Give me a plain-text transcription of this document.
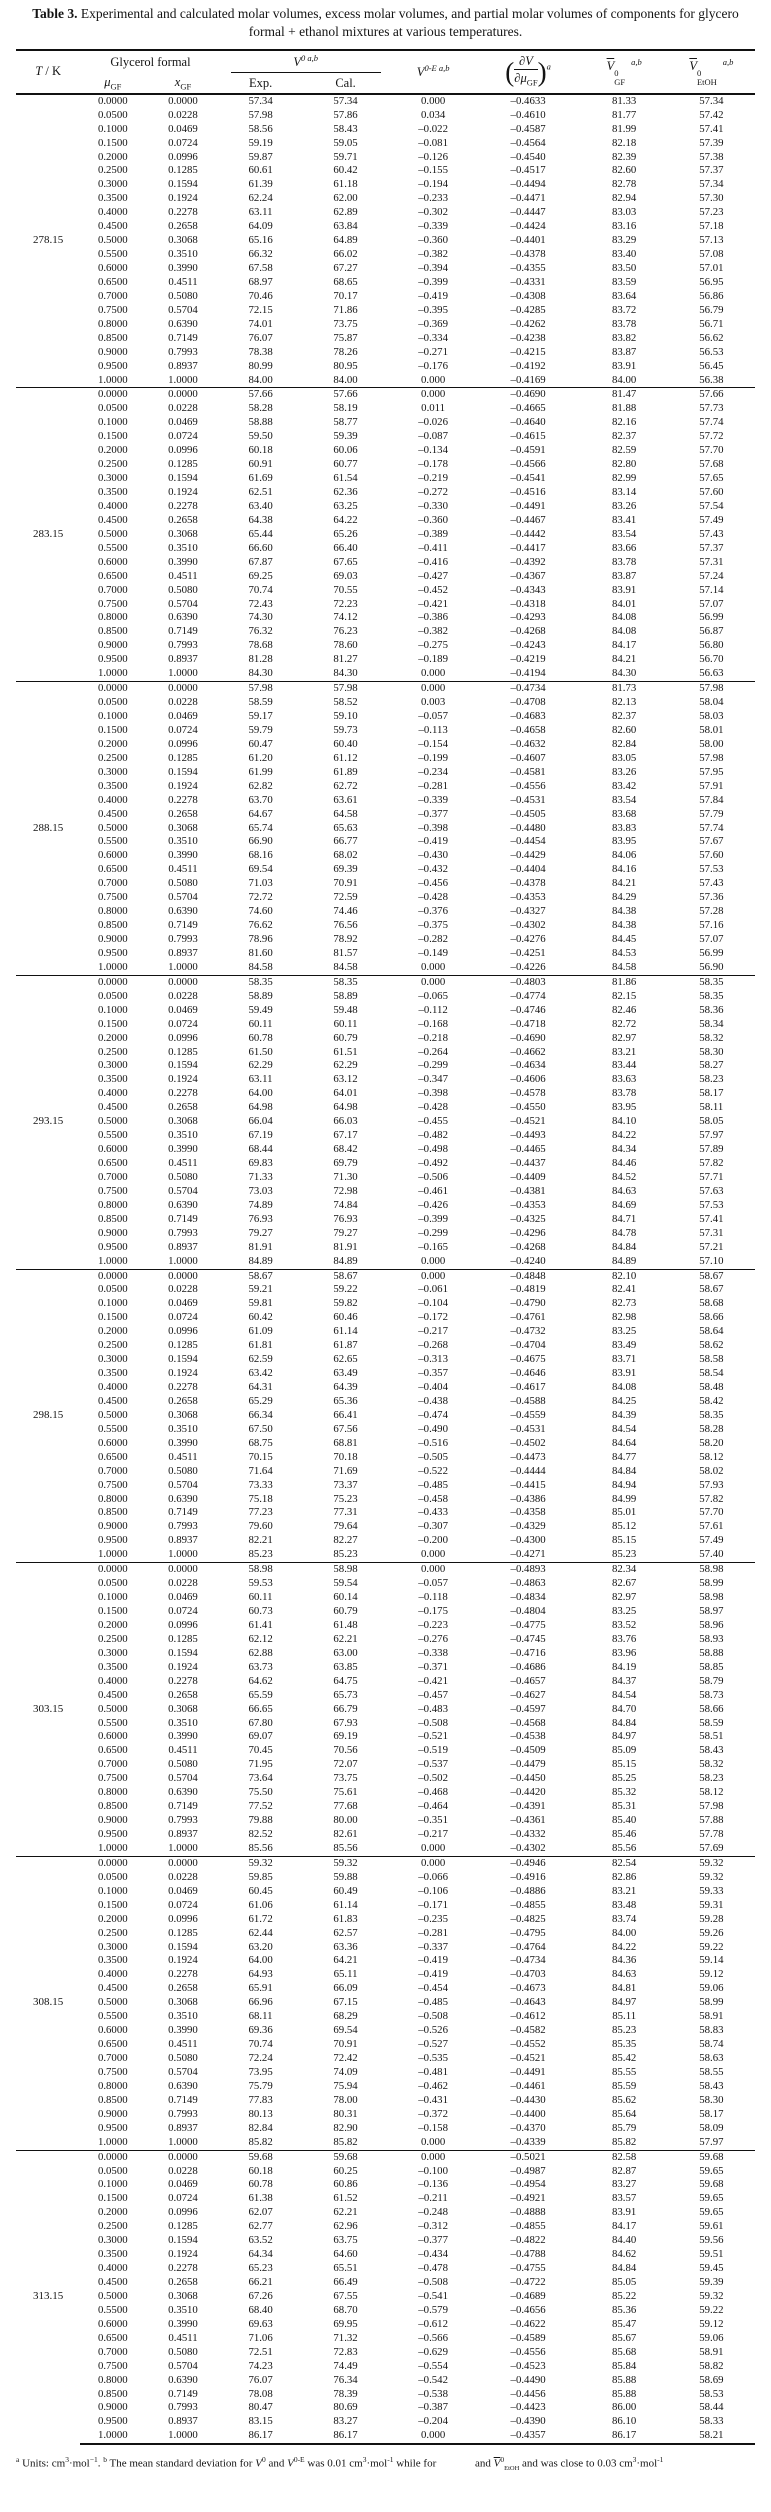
Table 3. Experimental and calculated molar volumes, excess molar volumes, and partial molar volumes of components for glycero formal + ethanol mixtures at various temperatures.
T / K	Glycerol formal		$V^{0 a,b}$		$V^{0-E a,b}$	( $\frac{\partial V}{\partial\mu_{GF}} )^a$	$\overline{V}$ 0
GF
$^{a,b}$	$\overline{V}$ 0
EtOH
$^{a,b}$
	$\mu_{GF}$	$x_{GF}$	Exp.	Cal.				
278.15	0.0000	0.0000	57.34	57.34	0.000	–0.4633	81.33	57.34
	0.0500	0.0228	57.98	57.86	0.034	–0.4610	81.77	57.42
	0.1000	0.0469	58.56	58.43	–0.022	–0.4587	81.99	57.41
	0.1500	0.0724	59.19	59.05	–0.081	–0.4564	82.18	57.39
	0.2000	0.0996	59.87	59.71	–0.126	–0.4540	82.39	57.38
	0.2500	0.1285	60.61	60.42	–0.155	–0.4517	82.60	57.37
	0.3000	0.1594	61.39	61.18	–0.194	–0.4494	82.78	57.34
	0.3500	0.1924	62.24	62.00	–0.233	–0.4471	82.94	57.30
	0.4000	0.2278	63.11	62.89	–0.302	–0.4447	83.03	57.23
	0.4500	0.2658	64.09	63.84	–0.339	–0.4424	83.16	57.18
	0.5000	0.3068	65.16	64.89	–0.360	–0.4401	83.29	57.13
	0.5500	0.3510	66.32	66.02	–0.382	–0.4378	83.40	57.08
	0.6000	0.3990	67.58	67.27	–0.394	–0.4355	83.50	57.01
	0.6500	0.4511	68.97	68.65	–0.399	–0.4331	83.59	56.95
	0.7000	0.5080	70.46	70.17	–0.419	–0.4308	83.64	56.86
	0.7500	0.5704	72.15	71.86	–0.395	–0.4285	83.72	56.79
	0.8000	0.6390	74.01	73.75	–0.369	–0.4262	83.78	56.71
	0.8500	0.7149	76.07	75.87	–0.334	–0.4238	83.82	56.62
	0.9000	0.7993	78.38	78.26	–0.271	–0.4215	83.87	56.53
	0.9500	0.8937	80.99	80.95	–0.176	–0.4192	83.91	56.45
	1.0000	1.0000	84.00	84.00	0.000	–0.4169	84.00	56.38
283.15	0.0000	0.0000	57.66	57.66	0.000	–0.4690	81.47	57.66
	0.0500	0.0228	58.28	58.19	0.011	–0.4665	81.88	57.73
	0.1000	0.0469	58.88	58.77	–0.026	–0.4640	82.16	57.74
	0.1500	0.0724	59.50	59.39	–0.087	–0.4615	82.37	57.72
	0.2000	0.0996	60.18	60.06	–0.134	–0.4591	82.59	57.70
	0.2500	0.1285	60.91	60.77	–0.178	–0.4566	82.80	57.68
	0.3000	0.1594	61.69	61.54	–0.219	–0.4541	82.99	57.65
	0.3500	0.1924	62.51	62.36	–0.272	–0.4516	83.14	57.60
	0.4000	0.2278	63.40	63.25	–0.330	–0.4491	83.26	57.54
	0.4500	0.2658	64.38	64.22	–0.360	–0.4467	83.41	57.49
	0.5000	0.3068	65.44	65.26	–0.389	–0.4442	83.54	57.43
	0.5500	0.3510	66.60	66.40	–0.411	–0.4417	83.66	57.37
	0.6000	0.3990	67.87	67.65	–0.416	–0.4392	83.78	57.31
	0.6500	0.4511	69.25	69.03	–0.427	–0.4367	83.87	57.24
	0.7000	0.5080	70.74	70.55	–0.452	–0.4343	83.91	57.14
	0.7500	0.5704	72.43	72.23	–0.421	–0.4318	84.01	57.07
	0.8000	0.6390	74.30	74.12	–0.386	–0.4293	84.08	56.99
	0.8500	0.7149	76.32	76.23	–0.382	–0.4268	84.08	56.87
	0.9000	0.7993	78.68	78.60	–0.275	–0.4243	84.17	56.80
	0.9500	0.8937	81.28	81.27	–0.189	–0.4219	84.21	56.70
	1.0000	1.0000	84.30	84.30	0.000	–0.4194	84.30	56.63
288.15	0.0000	0.0000	57.98	57.98	0.000	–0.4734	81.73	57.98
	0.0500	0.0228	58.59	58.52	0.003	–0.4708	82.13	58.04
	0.1000	0.0469	59.17	59.10	–0.057	–0.4683	82.37	58.03
	0.1500	0.0724	59.79	59.73	–0.113	–0.4658	82.60	58.01
	0.2000	0.0996	60.47	60.40	–0.154	–0.4632	82.84	58.00
	0.2500	0.1285	61.20	61.12	–0.199	–0.4607	83.05	57.98
	0.3000	0.1594	61.99	61.89	–0.234	–0.4581	83.26	57.95
	0.3500	0.1924	62.82	62.72	–0.281	–0.4556	83.42	57.91
	0.4000	0.2278	63.70	63.61	–0.339	–0.4531	83.54	57.84
	0.4500	0.2658	64.67	64.58	–0.377	–0.4505	83.68	57.79
	0.5000	0.3068	65.74	65.63	–0.398	–0.4480	83.83	57.74
	0.5500	0.3510	66.90	66.77	–0.419	–0.4454	83.95	57.67
	0.6000	0.3990	68.16	68.02	–0.430	–0.4429	84.06	57.60
	0.6500	0.4511	69.54	69.39	–0.432	–0.4404	84.16	57.53
	0.7000	0.5080	71.03	70.91	–0.456	–0.4378	84.21	57.43
	0.7500	0.5704	72.72	72.59	–0.428	–0.4353	84.29	57.36
	0.8000	0.6390	74.60	74.46	–0.376	–0.4327	84.38	57.28
	0.8500	0.7149	76.62	76.56	–0.375	–0.4302	84.38	57.16
	0.9000	0.7993	78.96	78.92	–0.282	–0.4276	84.45	57.07
	0.9500	0.8937	81.60	81.57	–0.149	–0.4251	84.53	56.99
	1.0000	1.0000	84.58	84.58	0.000	–0.4226	84.58	56.90
293.15	0.0000	0.0000	58.35	58.35	0.000	–0.4803	81.86	58.35
	0.0500	0.0228	58.89	58.89	–0.065	–0.4774	82.15	58.35
	0.1000	0.0469	59.49	59.48	–0.112	–0.4746	82.46	58.36
	0.1500	0.0724	60.11	60.11	–0.168	–0.4718	82.72	58.34
	0.2000	0.0996	60.78	60.79	–0.218	–0.4690	82.97	58.32
	0.2500	0.1285	61.50	61.51	–0.264	–0.4662	83.21	58.30
	0.3000	0.1594	62.29	62.29	–0.299	–0.4634	83.44	58.27
	0.3500	0.1924	63.11	63.12	–0.347	–0.4606	83.63	58.23
	0.4000	0.2278	64.00	64.01	–0.398	–0.4578	83.78	58.17
	0.4500	0.2658	64.98	64.98	–0.428	–0.4550	83.95	58.11
	0.5000	0.3068	66.04	66.03	–0.455	–0.4521	84.10	58.05
	0.5500	0.3510	67.19	67.17	–0.482	–0.4493	84.22	57.97
	0.6000	0.3990	68.44	68.42	–0.498	–0.4465	84.34	57.89
	0.6500	0.4511	69.83	69.79	–0.492	–0.4437	84.46	57.82
	0.7000	0.5080	71.33	71.30	–0.506	–0.4409	84.52	57.71
	0.7500	0.5704	73.03	72.98	–0.461	–0.4381	84.63	57.63
	0.8000	0.6390	74.89	74.84	–0.426	–0.4353	84.69	57.53
	0.8500	0.7149	76.93	76.93	–0.399	–0.4325	84.71	57.41
	0.9000	0.7993	79.27	79.27	–0.299	–0.4296	84.78	57.31
	0.9500	0.8937	81.91	81.91	–0.165	–0.4268	84.84	57.21
	1.0000	1.0000	84.89	84.89	0.000	–0.4240	84.89	57.10
298.15	0.0000	0.0000	58.67	58.67	0.000	–0.4848	82.10	58.67
	0.0500	0.0228	59.21	59.22	–0.061	–0.4819	82.41	58.67
	0.1000	0.0469	59.81	59.82	–0.104	–0.4790	82.73	58.68
	0.1500	0.0724	60.42	60.46	–0.172	–0.4761	82.98	58.66
	0.2000	0.0996	61.09	61.14	–0.217	–0.4732	83.25	58.64
	0.2500	0.1285	61.81	61.87	–0.268	–0.4704	83.49	58.62
	0.3000	0.1594	62.59	62.65	–0.313	–0.4675	83.71	58.58
	0.3500	0.1924	63.42	63.49	–0.357	–0.4646	83.91	58.54
	0.4000	0.2278	64.31	64.39	–0.404	–0.4617	84.08	58.48
	0.4500	0.2658	65.29	65.36	–0.438	–0.4588	84.25	58.42
	0.5000	0.3068	66.34	66.41	–0.474	–0.4559	84.39	58.35
	0.5500	0.3510	67.50	67.56	–0.490	–0.4531	84.54	58.28
	0.6000	0.3990	68.75	68.81	–0.516	–0.4502	84.64	58.20
	0.6500	0.4511	70.15	70.18	–0.505	–0.4473	84.77	58.12
	0.7000	0.5080	71.64	71.69	–0.522	–0.4444	84.84	58.02
	0.7500	0.5704	73.33	73.37	–0.485	–0.4415	84.94	57.93
	0.8000	0.6390	75.18	75.23	–0.458	–0.4386	84.99	57.82
	0.8500	0.7149	77.23	77.31	–0.433	–0.4358	85.01	57.70
	0.9000	0.7993	79.60	79.64	–0.307	–0.4329	85.12	57.61
	0.9500	0.8937	82.21	82.27	–0.200	–0.4300	85.15	57.49
	1.0000	1.0000	85.23	85.23	0.000	–0.4271	85.23	57.40
303.15	0.0000	0.0000	58.98	58.98	0.000	–0.4893	82.34	58.98
	0.0500	0.0228	59.53	59.54	–0.057	–0.4863	82.67	58.99
	0.1000	0.0469	60.11	60.14	–0.118	–0.4834	82.97	58.98
	0.1500	0.0724	60.73	60.79	–0.175	–0.4804	83.25	58.97
	0.2000	0.0996	61.41	61.48	–0.223	–0.4775	83.52	58.96
	0.2500	0.1285	62.12	62.21	–0.276	–0.4745	83.76	58.93
	0.3000	0.1594	62.88	63.00	–0.338	–0.4716	83.96	58.88
	0.3500	0.1924	63.73	63.85	–0.371	–0.4686	84.19	58.85
	0.4000	0.2278	64.62	64.75	–0.421	–0.4657	84.37	58.79
	0.4500	0.2658	65.59	65.73	–0.457	–0.4627	84.54	58.73
	0.5000	0.3068	66.65	66.79	–0.483	–0.4597	84.70	58.66
	0.5500	0.3510	67.80	67.93	–0.508	–0.4568	84.84	58.59
	0.6000	0.3990	69.07	69.19	–0.521	–0.4538	84.97	58.51
	0.6500	0.4511	70.45	70.56	–0.519	–0.4509	85.09	58.43
	0.7000	0.5080	71.95	72.07	–0.537	–0.4479	85.15	58.32
	0.7500	0.5704	73.64	73.75	–0.502	–0.4450	85.25	58.23
	0.8000	0.6390	75.50	75.61	–0.468	–0.4420	85.32	58.12
	0.8500	0.7149	77.52	77.68	–0.464	–0.4391	85.31	57.98
	0.9000	0.7993	79.88	80.00	–0.351	–0.4361	85.40	57.88
	0.9500	0.8937	82.52	82.61	–0.217	–0.4332	85.46	57.78
	1.0000	1.0000	85.56	85.56	0.000	–0.4302	85.56	57.69
308.15	0.0000	0.0000	59.32	59.32	0.000	–0.4946	82.54	59.32
	0.0500	0.0228	59.85	59.88	–0.066	–0.4916	82.86	59.32
	0.1000	0.0469	60.45	60.49	–0.106	–0.4886	83.21	59.33
	0.1500	0.0724	61.06	61.14	–0.171	–0.4855	83.48	59.31
	0.2000	0.0996	61.72	61.83	–0.235	–0.4825	83.74	59.28
	0.2500	0.1285	62.44	62.57	–0.281	–0.4795	84.00	59.26
	0.3000	0.1594	63.20	63.36	–0.337	–0.4764	84.22	59.22
	0.3500	0.1924	64.00	64.21	–0.419	–0.4734	84.36	59.14
	0.4000	0.2278	64.93	65.11	–0.419	–0.4703	84.63	59.12
	0.4500	0.2658	65.91	66.09	–0.454	–0.4673	84.81	59.06
	0.5000	0.3068	66.96	67.15	–0.485	–0.4643	84.97	58.99
	0.5500	0.3510	68.11	68.29	–0.508	–0.4612	85.11	58.91
	0.6000	0.3990	69.36	69.54	–0.526	–0.4582	85.23	58.83
	0.6500	0.4511	70.74	70.91	–0.527	–0.4552	85.35	58.74
	0.7000	0.5080	72.24	72.42	–0.535	–0.4521	85.42	58.63
	0.7500	0.5704	73.95	74.09	–0.481	–0.4491	85.55	58.55
	0.8000	0.6390	75.79	75.94	–0.462	–0.4461	85.59	58.43
	0.8500	0.7149	77.83	78.00	–0.431	–0.4430	85.62	58.30
	0.9000	0.7993	80.13	80.31	–0.372	–0.4400	85.64	58.17
	0.9500	0.8937	82.84	82.90	–0.158	–0.4370	85.79	58.09
	1.0000	1.0000	85.82	85.82	0.000	–0.4339	85.82	57.97
313.15	0.0000	0.0000	59.68	59.68	0.000	–0.5021	82.58	59.68
	0.0500	0.0228	60.18	60.25	–0.100	–0.4987	82.87	59.65
	0.1000	0.0469	60.78	60.86	–0.136	–0.4954	83.27	59.68
	0.1500	0.0724	61.38	61.52	–0.211	–0.4921	83.57	59.65
	0.2000	0.0996	62.07	62.21	–0.248	–0.4888	83.91	59.65
	0.2500	0.1285	62.77	62.96	–0.312	–0.4855	84.17	59.61
	0.3000	0.1594	63.52	63.75	–0.377	–0.4822	84.40	59.56
	0.3500	0.1924	64.34	64.60	–0.434	–0.4788	84.62	59.51
	0.4000	0.2278	65.23	65.51	–0.478	–0.4755	84.84	59.45
	0.4500	0.2658	66.21	66.49	–0.508	–0.4722	85.05	59.39
	0.5000	0.3068	67.26	67.55	–0.541	–0.4689	85.22	59.32
	0.5500	0.3510	68.40	68.70	–0.579	–0.4656	85.36	59.22
	0.6000	0.3990	69.63	69.95	–0.612	–0.4622	85.47	59.12
	0.6500	0.4511	71.06	71.32	–0.566	–0.4589	85.67	59.06
	0.7000	0.5080	72.51	72.83	–0.629	–0.4556	85.68	58.91
	0.7500	0.5704	74.23	74.49	–0.554	–0.4523	85.84	58.82
	0.8000	0.6390	76.07	76.34	–0.542	–0.4490	85.88	58.69
	0.8500	0.7149	78.08	78.39	–0.538	–0.4456	85.88	58.53
	0.9000	0.7993	80.47	80.69	–0.387	–0.4423	86.00	58.44
	0.9500	0.8937	83.15	83.27	–0.204	–0.4390	86.10	58.33
	1.0000	1.0000	86.17	86.17	0.000	–0.4357	86.17	58.21
$^a$ Units: $cm^3\cdot mol^{-1}$. $^b$ The mean standard deviation for $V^0$ and $V^{0-E}$ was 0.01 $cm^3\cdot mol^{-1}$ while for	and $\overline{V}^0_{EtOH}$ and was close to 0.03 $cm^3\cdot mol^{-1}$
